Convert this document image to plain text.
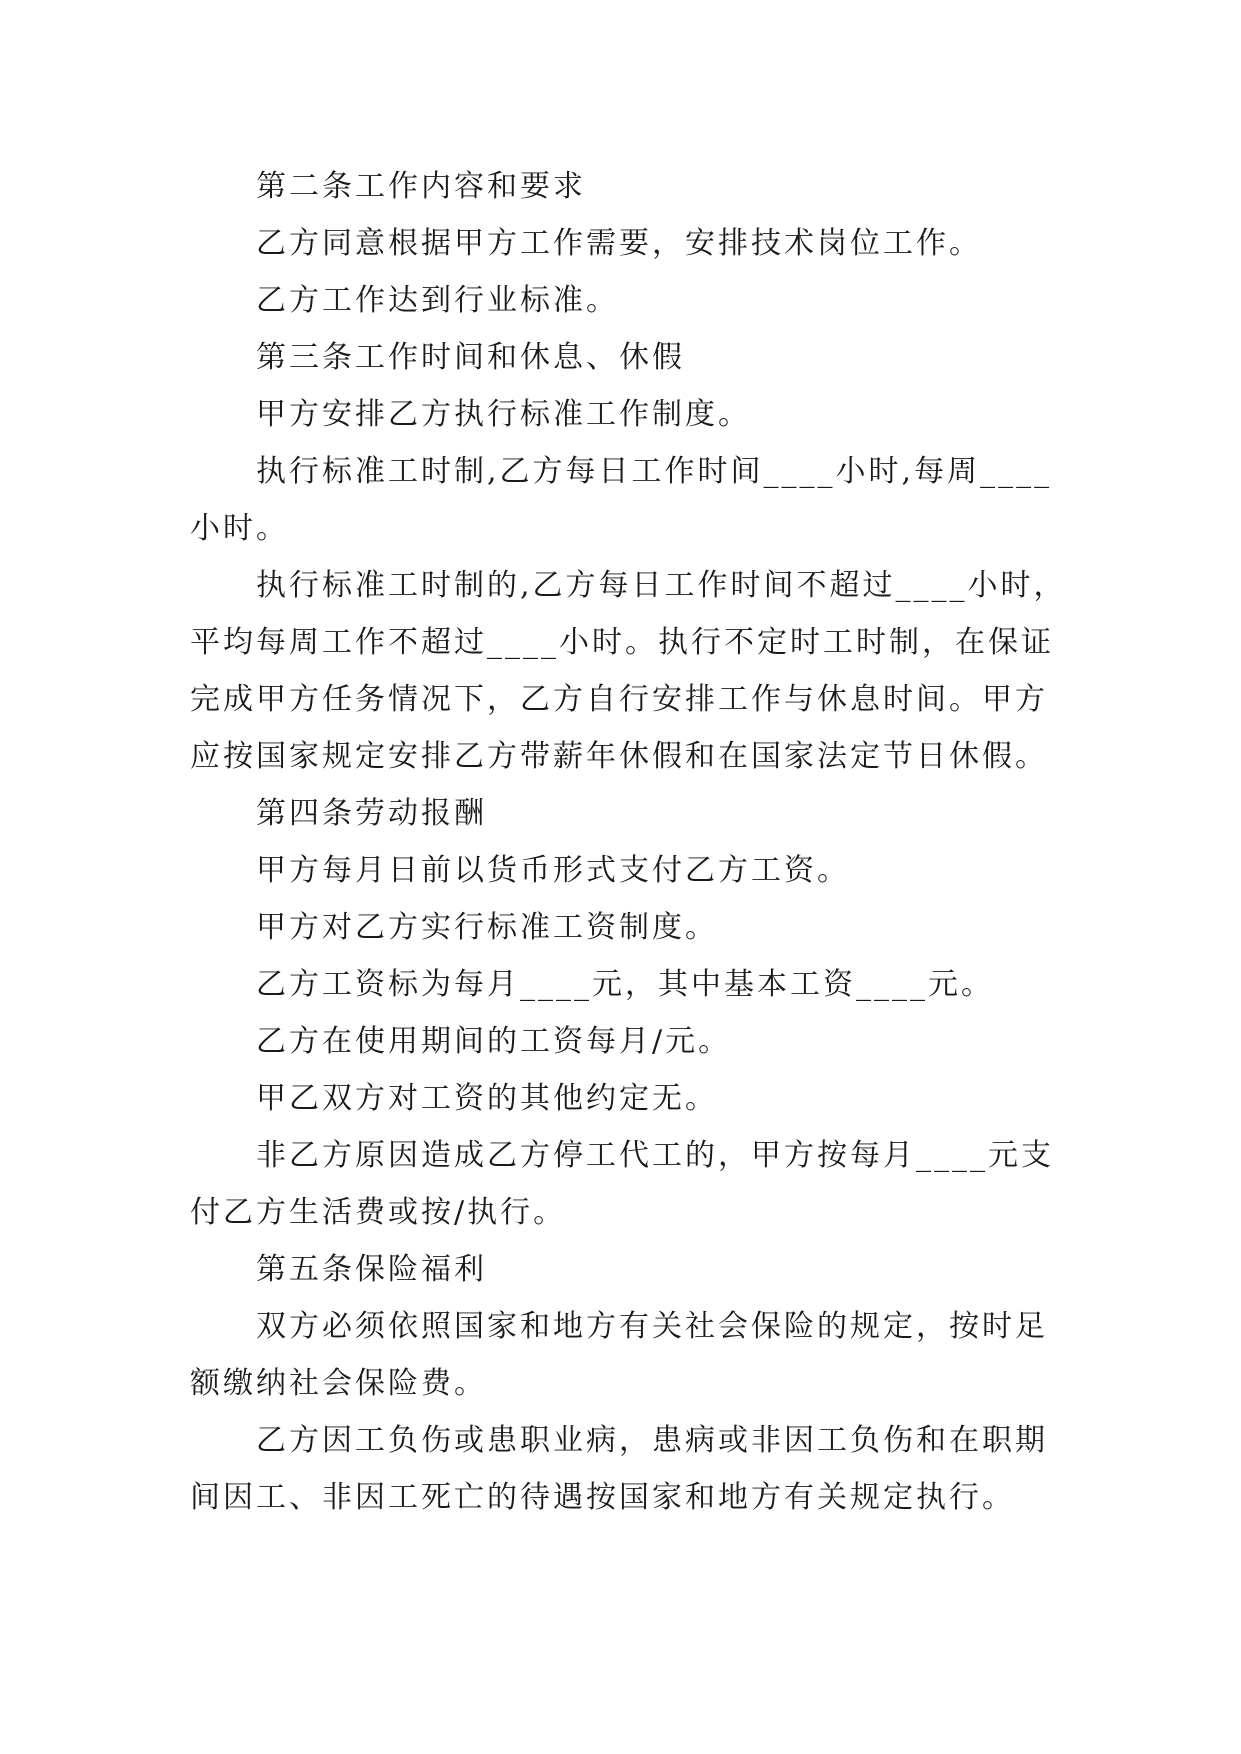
第二条工作内容和要求

乙方同意根据甲方工作需要，安排技术岗位工作。

乙方工作达到行业标准。

第三条工作时间和休息、休假

甲方安排乙方执行标准工作制度。

执行标准工时制,乙方每日工作时间____小时,每周____小时。

执行标准工时制的,乙方每日工作时间不超过____小时，平均每周工作不超过____小时。执行不定时工时制，在保证完成甲方任务情况下，乙方自行安排工作与休息时间。甲方应按国家规定安排乙方带薪年休假和在国家法定节日休假。

第四条劳动报酬

甲方每月日前以货币形式支付乙方工资。

甲方对乙方实行标准工资制度。

乙方工资标为每月____元，其中基本工资____元。

乙方在使用期间的工资每月/元。

甲乙双方对工资的其他约定无。

非乙方原因造成乙方停工代工的，甲方按每月____元支付乙方生活费或按/执行。

第五条保险福利

双方必须依照国家和地方有关社会保险的规定，按时足额缴纳社会保险费。

乙方因工负伤或患职业病，患病或非因工负伤和在职期间因工、非因工死亡的待遇按国家和地方有关规定执行。
